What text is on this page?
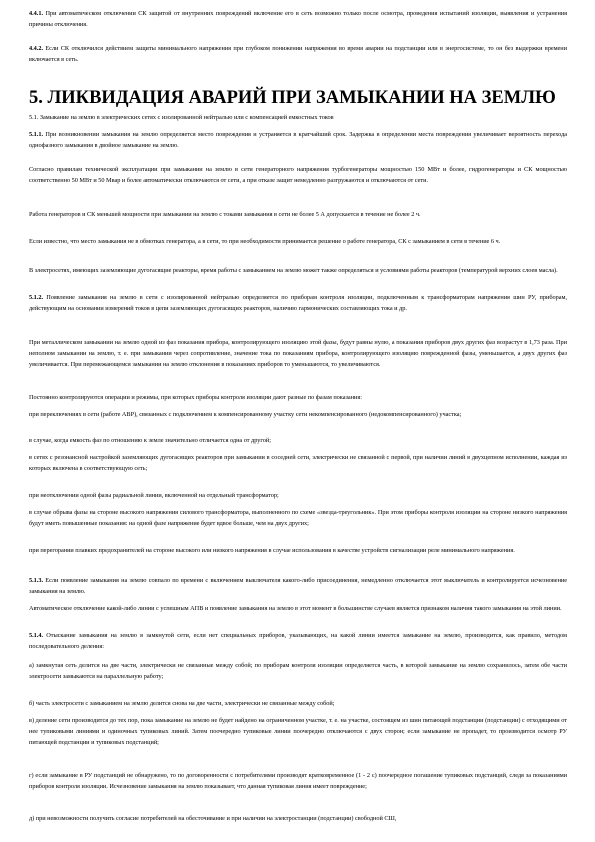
4.4.1. При автоматическом отключении СК защитой от внутренних повреждений включение его в сеть возможно только после осмотра, проведения испытаний изоляции, выявления и устранения причины отключения.

4.4.2. Если СК отключился действием защиты минимального напряжения при глубоком понижении напряжения во время аварии на подстанции или в энергосистеме, то он без выдержки времени включается в сеть.

5. ЛИКВИДАЦИЯ АВАРИЙ ПРИ ЗАМЫКАНИИ НА ЗЕМЛЮ

5.1. Замыкание на землю в электрических сетях с изолированной нейтралью или с компенсацией емкостных токов

5.1.1. При возникновении замыкания на землю определяется место повреждения и устраняется в кратчайший срок. Задержка в определении места повреждения увеличивает вероятность перехода однофазного замыкания в двойное замыкание на землю.

Согласно правилам технической эксплуатации при замыкании на землю в сети генераторного напряжения турбогенераторы мощностью 150 МВт и более, гидрогенераторы и СК мощностью соответственно 50 МВт и 50 Мвар и более автоматически отключаются от сети, а при отказе защит немедленно разгружаются и отключаются от сети.

Работа генераторов и СК меньшей мощности при замыкании на землю с токами замыкания в сети не более 5 А допускается в течение не более 2 ч.

Если известно, что место замыкания не в обмотках генератора, а в сети, то при необходимости принимается решение о работе генератора, СК с замыканием в сети в течение 6 ч.

В электросетях, имеющих заземляющие дугогасящие реакторы, время работы с замыканием на землю может также определяться и условиями работы реакторов (температурой верхних слоев масла).

5.1.2. Появление замыкания на землю в сети с изолированной нейтралью определяется по приборам контроля изоляции, подключенным к трансформаторам напряжения шин РУ, приборам, действующим на основании измерений токов в цепи заземляющих дугогасящих реакторов, наличию гармонических составляющих тока и др.

При металлическом замыкании на землю одной из фаз показания прибора, контролирующего изоляцию этой фазы, будут равны нулю, а показания приборов двух других фаз возрастут в 1,73 раза. При неполном замыкании на землю, т. е. при замыкании через сопротивление, значение тока по показаниям прибора, контролирующего изоляцию поврежденной фазы, уменьшается, а двух других фаз увеличивается. При перемежающемся замыкании на землю отклонения в показаниях приборов то уменьшаются, то увеличиваются.

Постоянно контролируются операции и режимы, при которых приборы контроля изоляции дают разные по фазам показания:

при переключениях в сети (работе АВР), связанных с подключением к компенсированному участку сети некомпенсированного (недокомпенсированного) участка;

в случае, когда емкость фаз по отношению к земле значительно отличается одна от другой;

в сетях с резонансной настройкой заземляющих дугогасящих реакторов при замыкании в соседней сети, электрически не связанной с первой, при наличии линий в двухцепном исполнении, каждая из которых включена в соответствующую сеть;

при неотключении одной фазы радиальной линии, включенной на отдельный трансформатор;

в случае обрыва фазы на стороне высокого напряжения силового трансформатора, выполненного по схеме «звезда-треугольник». При этом приборы контроля изоляции на стороне низкого напряжения будут иметь повышенные показания: на одной фазе напряжение будет вдвое больше, чем на двух других;

при перегорании плавких предохранителей на стороне высокого или низкого напряжения в случае использования в качестве устройств сигнализации реле минимального напряжения.

5.1.3. Если появление замыкания на землю совпало по времени с включением выключателя какого-либо присоединения, немедленно отключается этот выключатель и контролируется исчезновение замыкания на землю.

Автоматическое отключение какой-либо линии с успешным АПВ и появление замыкания на землю в этот момент в большинстве случаев является признаком наличия такого замыкания на этой линии.

5.1.4. Отыскание замыкания на землю в замкнутой сети, если нет специальных приборов, указывающих, на какой линии имеется замыкание на землю, производится, как правило, методом последовательного деления:

а) замкнутая сеть делится на две части, электрически не связанные между собой; по приборам контроля изоляции определяется часть, в которой замыкание на землю сохранилось, затем обе части электросети замыкаются на параллельную работу;

б) часть электросети с замыканием на землю делится снова на две части, электрически не связанные между собой;

в) деление сети производится до тех пор, пока замыкание на землю не будет найдено на ограниченном участке, т. е. на участке, состоящем из шин питающей подстанции (подстанции) с отходящими от нее тупиковыми линиями и одиночных тупиковых линий. Затем поочередно тупиковые линии поочередно отключаются с двух сторон; если замыкание не пропадет, то производится осмотр РУ питающей подстанции и тупиковых подстанций;

г) если замыкание в РУ подстанций не обнаружено, то по договоренности с потребителями производят кратковременное (1 - 2 с) поочередное погашение тупиковых подстанций, следя за показаниями приборов контроля изоляции. Исчезновение замыкания на землю показывает, что данная тупиковая линия имеет повреждение;

д) при невозможности получить согласие потребителей на обесточивание и при наличии на электростанции (подстанции) свободной СШ,
